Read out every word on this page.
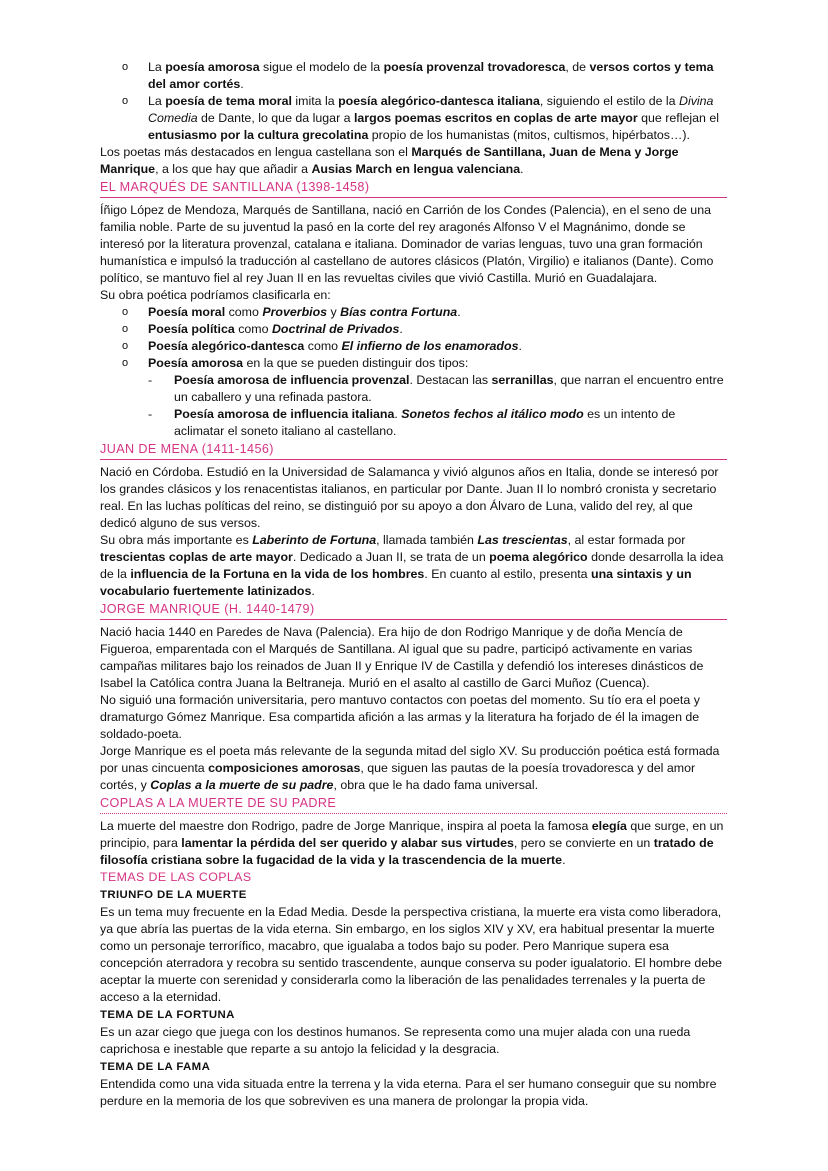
o La poesía amorosa sigue el modelo de la poesía provenzal trovadoresca, de versos cortos y tema del amor cortés.
o La poesía de tema moral imita la poesía alegórico-dantesca italiana, siguiendo el estilo de la Divina Comedia de Dante, lo que da lugar a largos poemas escritos en coplas de arte mayor que reflejan el entusiasmo por la cultura grecolatina propio de los humanistas (mitos, cultismos, hipérbatos…).

Los poetas más destacados en lengua castellana son el Marqués de Santillana, Juan de Mena y Jorge Manrique, a los que hay que añadir a Ausias March en lengua valenciana.

EL MARQUÉS DE SANTILLANA (1398-1458)

Íñigo López de Mendoza, Marqués de Santillana, nació en Carrión de los Condes (Palencia), en el seno de una familia noble. Parte de su juventud la pasó en la corte del rey aragonés Alfonso V el Magnánimo, donde se interesó por la literatura provenzal, catalana e italiana. Dominador de varias lenguas, tuvo una gran formación humanística e impulsó la traducción al castellano de autores clásicos (Platón, Virgilio) e italianos (Dante). Como político, se mantuvo fiel al rey Juan II en las revueltas civiles que vivió Castilla. Murió en Guadalajara.

Su obra poética podríamos clasificarla en:

o Poesía moral como Proverbios y Bías contra Fortuna.
o Poesía política como Doctrinal de Privados.
o Poesía alegórico-dantesca como El infierno de los enamorados.
o Poesía amorosa en la que se pueden distinguir dos tipos:
- Poesía amorosa de influencia provenzal. Destacan las serranillas, que narran el encuentro entre un caballero y una refinada pastora.
- Poesía amorosa de influencia italiana. Sonetos fechos al itálico modo es un intento de aclimatar el soneto italiano al castellano.
JUAN DE MENA (1411-1456)

Nació en Córdoba. Estudió en la Universidad de Salamanca y vivió algunos años en Italia, donde se interesó por los grandes clásicos y los renacentistas italianos, en particular por Dante. Juan II lo nombró cronista y secretario real. En las luchas políticas del reino, se distinguió por su apoyo a don Álvaro de Luna, valido del rey, al que dedicó alguno de sus versos.

Su obra más importante es Laberinto de Fortuna, llamada también Las trescientas, al estar formada por trescientas coplas de arte mayor. Dedicado a Juan II, se trata de un poema alegórico donde desarrolla la idea de la influencia de la Fortuna en la vida de los hombres. En cuanto al estilo, presenta una sintaxis y un vocabulario fuertemente latinizados.

JORGE MANRIQUE (H. 1440-1479)

Nació hacia 1440 en Paredes de Nava (Palencia). Era hijo de don Rodrigo Manrique y de doña Mencía de Figueroa, emparentada con el Marqués de Santillana. Al igual que su padre, participó activamente en varias campañas militares bajo los reinados de Juan II y Enrique IV de Castilla y defendió los intereses dinásticos de Isabel la Católica contra Juana la Beltraneja. Murió en el asalto al castillo de Garci Muñoz (Cuenca).

No siguió una formación universitaria, pero mantuvo contactos con poetas del momento. Su tío era el poeta y dramaturgo Gómez Manrique. Esa compartida afición a las armas y la literatura ha forjado de él la imagen de soldado-poeta.

Jorge Manrique es el poeta más relevante de la segunda mitad del siglo XV. Su producción poética está formada por unas cincuenta composiciones amorosas, que siguen las pautas de la poesía trovadoresca y del amor cortés, y Coplas a la muerte de su padre, obra que le ha dado fama universal.

COPLAS A LA MUERTE DE SU PADRE

La muerte del maestre don Rodrigo, padre de Jorge Manrique, inspira al poeta la famosa elegía que surge, en un principio, para lamentar la pérdida del ser querido y alabar sus virtudes, pero se convierte en un tratado de filosofía cristiana sobre la fugacidad de la vida y la trascendencia de la muerte.

TEMAS DE LAS COPLAS
TRIUNFO DE LA MUERTE

Es un tema muy frecuente en la Edad Media. Desde la perspectiva cristiana, la muerte era vista como liberadora, ya que abría las puertas de la vida eterna. Sin embargo, en los siglos XIV y XV, era habitual presentar la muerte como un personaje terrorífico, macabro, que igualaba a todos bajo su poder. Pero Manrique supera esa concepción aterradora y recobra su sentido trascendente, aunque conserva su poder igualatorio. El hombre debe aceptar la muerte con serenidad y considerarla como la liberación de las penalidades terrenales y la puerta de acceso a la eternidad.

TEMA DE LA FORTUNA

Es un azar ciego que juega con los destinos humanos. Se representa como una mujer alada con una rueda caprichosa e inestable que reparte a su antojo la felicidad y la desgracia.

TEMA DE LA FAMA

Entendida como una vida situada entre la terrena y la vida eterna. Para el ser humano conseguir que su nombre perdure en la memoria de los que sobreviven es una manera de prolongar la propia vida.
